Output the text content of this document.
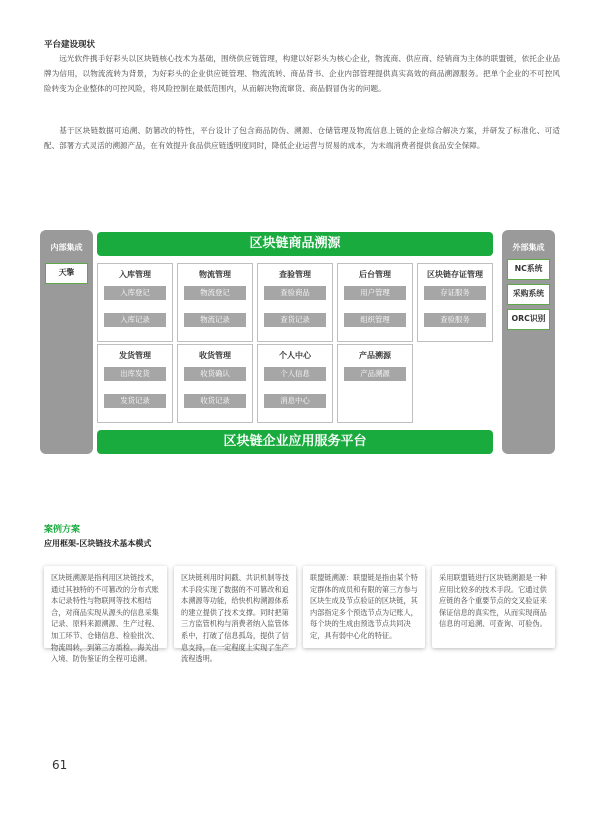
平台建设现状
远光软件携手好彩头以区块链核心技术为基础，围绕供应链管理，构建以好彩头为核心企业，物流商、供应商、经销商为主体的联盟链，依托企业品牌为信用，以物流流转为背景，为好彩头的企业供应链管理、物流流转、商品背书、企业内部管理提供真实高效的商品溯源服务。把单个企业的不可控风险转变为企业整体的可控风险，将风险控制在最低范围内，从而解决物流窜货、商品假冒伪劣的问题。
基于区块链数据可追溯、防篡改的特性，平台设计了包含商品防伪、溯源、仓储管理及物流信息上链的企业综合解决方案，并研发了标准化、可适配、部署方式灵活的溯源产品，在有效提升食品供应链透明度同时，降低企业运营与贸易的成本，为未端消费者提供食品安全保障。
内部集成
天擎
区块链商品溯源
入库管理
入库登记
入库记录
物流管理
物流登记
物流记录
查验管理
查验商品
查货记录
后台管理
用户管理
组织管理
区块链存证管理
存证服务
查验服务
发货管理
出库发货
发货记录
收货管理
收货确认
收货记录
个人中心
个人信息
消息中心
产品溯源
产品溯源
区块链企业应用服务平台
外部集成
NC系统
采购系统
ORC识别
案例方案
应用框架-区块链技术基本模式
区块链溯源是指利用区块链技术，通过其独特的不可篡改的分布式账本记录特性与物联网等技术相结合，对商品实现从源头的信息采集记录、原料来源溯源、生产过程、加工环节、仓储信息、检验批次、物流周转，到第三方质检、海关出入境、防伪鉴证的全程可追溯。
区块链利用时间戳、共识机制等技术手段实现了数据的不可篡改和追本溯源等功能，给快机构溯源体系的建立提供了技术支撑。同时把第三方监管机构与消费者纳入监管体系中，打破了信息孤岛，提供了信息支持，在一定程度上实现了生产流程透明。
联盟链溯源：联盟链是指由某个特定群体的成员和有限的第三方参与区块生成及节点验证的区块链，其内部指定多个预选节点为记账人，每个块的生成由预选节点共同决定，具有弱中心化的特征。
采用联盟链进行区块链溯源是一种应用比较多的技术手段。它通过供应链的各个重要节点的交叉验证来保证信息的真实性，从而实现商品信息的可追溯、可查询、可验伪。
61
